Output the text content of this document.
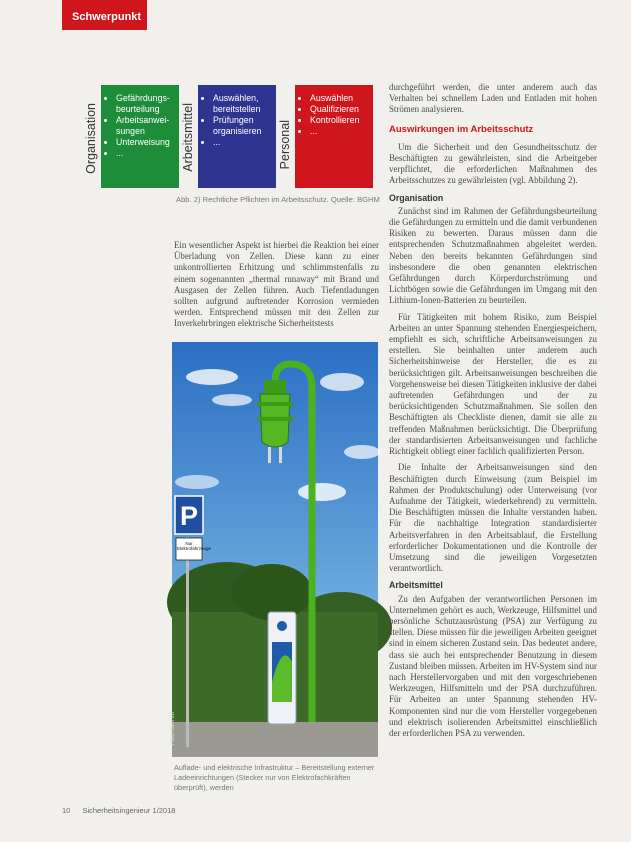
Schwerpunkt
Organisation
• Gefährdungs-beurteilung
• Arbeitsanwei-sungen
• Unterweisung
• ...	Arbeitsmittel
• Auswählen, bereitstellen
• Prüfungen organisieren
• ...	Personal
• Auswählen
• Qualifizieren
• Kontrollieren
• ...
Abb. 2) Rechtliche Pflichten im Arbeitsschutz. Quelle: BGHM

Ein wesentlicher Aspekt ist hierbei die Reaktion bei einer Überladung von Zellen. Diese kann zu einer unkontrollierten Erhitzung und schlimmstenfalls zu einem sogenannten „thermal runaway“ mit Brand und Ausgasen der Zellen führen. Auch Tiefentladungen sollten aufgrund auftretender Korrosion vermieden werden. Entsprechend müssen mit den Zellen zur Inverkehrbringen elektrische Sicherheitstests

P
Foto: BGHM
Nur Elektrofahrzeuge
Auflade- und elektrische Infrastruktur – Bereitstellung externer Ladeeinrichtungen (Stecker nur von Elektrofachkräften überprüft), werden

durchgeführt werden, die unter anderem auch das Verhalten bei schnellem Laden und Entladen mit hohen Strömen analysieren.

Auswirkungen im Arbeitsschutz

Um die Sicherheit und den Gesundheitsschutz der Beschäftigten zu gewährleisten, sind die Arbeitgeber verpflichtet, die erforderlichen Maßnahmen des Arbeitsschutzes zu gewährleisten (vgl. Abbildung 2).

Organisation

Zunächst sind im Rahmen der Gefährdungsbeurteilung die Gefährdungen zu ermitteln und die damit verbundenen Risiken zu bewerten. Daraus müssen dann die entsprechenden Schutzmaßnahmen abgeleitet werden. Neben den bereits bekannten Gefährdungen sind insbesondere die oben genannten elektrischen Gefährdungen durch Körperdurchströmung und Lichtbögen sowie die Gefährdungen im Umgang mit den Lithium-Ionen-Batterien zu beurteilen.

Für Tätigkeiten mit hohem Risiko, zum Beispiel Arbeiten an unter Spannung stehenden Energiespeichern, empfiehlt es sich, schriftliche Arbeitsanweisungen zu erstellen. Sie beinhalten unter anderem auch Sicherheitshinweise der Hersteller, die es zu berücksichtigen gilt. Arbeitsanweisungen beschreiben die Vorgehensweise bei diesen Tätigkeiten inklusive der dabei auftretenden Gefährdungen und der zu berücksichtigenden Schutzmaßnahmen. Sie sollen den Beschäftigten als Checkliste dienen, damit sie alle zu treffenden Maßnahmen berücksichtigt. Die Überprüfung der standardisierten Arbeitsanweisungen und fachliche Richtigkeit obliegt einer fachlich qualifizierten Person.

Die Inhalte der Arbeitsanweisungen sind den Beschäftigten durch Einweisung (zum Beispiel im Rahmen der Produktschulung) oder Unterweisung (vor Aufnahme der Tätigkeit, wiederkehrend) zu vermitteln. Die Beschäftigten müssen die Inhalte verstanden haben. Für die nachhaltige Integration standardisierter Arbeitsverfahren in den Arbeitsablauf, die Erstellung erforderlicher Dokumentationen und die Kontrolle der Umsetzung sind die jeweiligen Vorgesetzten verantwortlich.

Arbeitsmittel

Zu den Aufgaben der verantwortlichen Personen im Unternehmen gehört es auch, Werkzeuge, Hilfsmittel und persönliche Schutzausrüstung (PSA) zur Verfügung zu stellen. Diese müssen für die jeweiligen Arbeiten geeignet sind in einem sicheren Zustand sein. Das bedeutet andere, dass sie auch bei entsprechender Benutzung in diesem Zustand bleiben müssen. Arbeiten im HV-System sind nur nach Herstellervorgaben und mit den vorgeschriebenen Werkzeugen, Hilfsmitteln und der PSA durchzuführen. Für Arbeiten an unter Spannung stehenden HV-Komponenten sind nur die vom Hersteller vorgegebenen und elektrisch isolierenden Arbeitsmittel einschließlich der erforderlichen PSA zu verwenden.

10 Sicherheitsingenieur 1/2018
